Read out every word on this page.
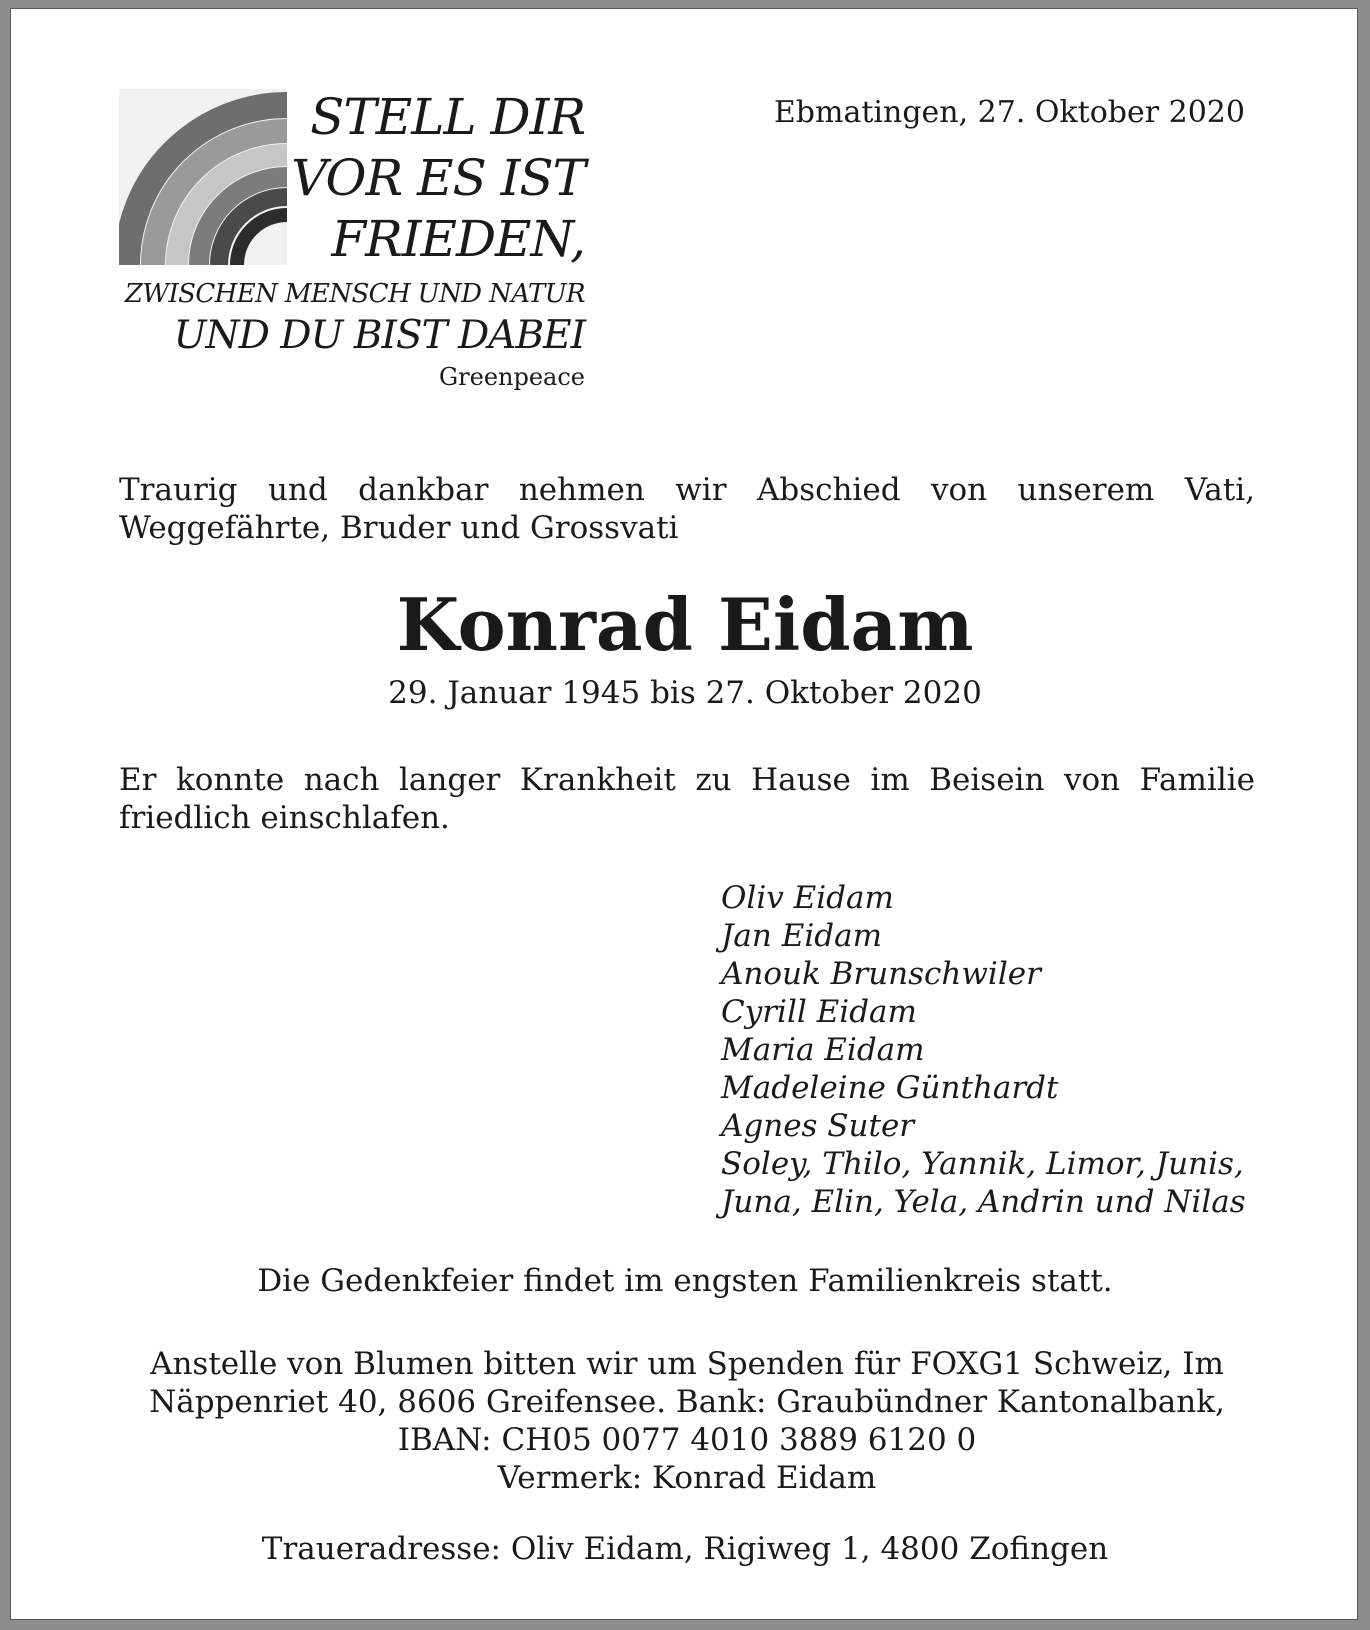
STELL DIR
VOR ES IST
FRIEDEN,
ZWISCHEN MENSCH UND NATUR
UND DU BIST DABEI
Greenpeace
Ebmatingen, 27. Oktober 2020
Traurig und dankbar nehmen wir Abschied von unserem Vati, Weggefährte, Bruder und Grossvati
Konrad Eidam
29. Januar 1945 bis 27. Oktober 2020
Er konnte nach langer Krankheit zu Hause im Beisein von Familie friedlich einschlafen.
Oliv Eidam
Jan Eidam
Anouk Brunschwiler
Cyrill Eidam
Maria Eidam
Madeleine Günthardt
Agnes Suter
Soley, Thilo, Yannik, Limor, Junis,
Juna, Elin, Yela, Andrin und Nilas
Die Gedenkfeier findet im engsten Familienkreis statt.
Anstelle von Blumen bitten wir um Spenden für FOXG1 Schweiz, Im
Näppenriet 40, 8606 Greifensee. Bank: Graubündner Kantonalbank,
IBAN: CH05 0077 4010 3889 6120 0
Vermerk: Konrad Eidam
Traueradresse: Oliv Eidam, Rigiweg 1, 4800 Zofingen
